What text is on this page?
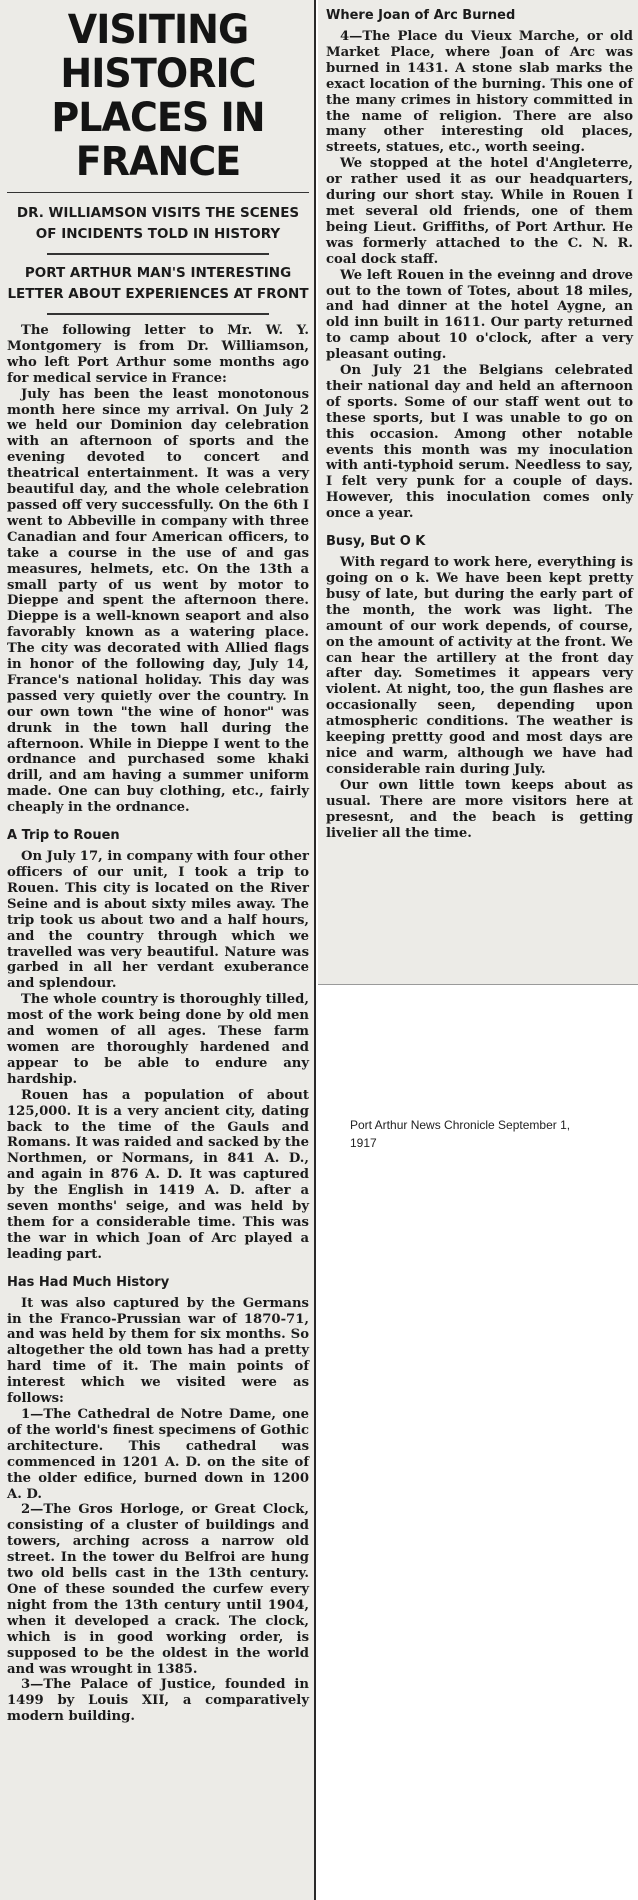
VISITING HISTORIC
PLACES IN FRANCE
DR. WILLIAMSON VISITS THE SCENES OF INCIDENTS TOLD IN HISTORY
PORT ARTHUR MAN'S INTERESTING LETTER ABOUT EXPERIENCES AT FRONT

The following letter to Mr. W. Y. Montgomery is from Dr. Williamson, who left Port Arthur some months ago for medical service in France:

July has been the least monotonous month here since my arrival. On July 2 we held our Dominion day celebration with an afternoon of sports and the evening devoted to concert and theatrical entertainment. It was a very beautiful day, and the whole celebration passed off very successfully. On the 6th I went to Abbeville in company with three Canadian and four American officers, to take a course in the use of and gas measures, helmets, etc. On the 13th a small party of us went by motor to Dieppe and spent the afternoon there. Dieppe is a well-known seaport and also favorably known as a watering place. The city was decorated with Allied flags in honor of the following day, July 14, France's national holiday. This day was passed very quietly over the country. In our own town "the wine of honor" was drunk in the town hall during the afternoon. While in Dieppe I went to the ordnance and purchased some khaki drill, and am having a summer uniform made. One can buy clothing, etc., fairly cheaply in the ordnance.

A Trip to Rouen

On July 17, in company with four other officers of our unit, I took a trip to Rouen. This city is located on the River Seine and is about sixty miles away. The trip took us about two and a half hours, and the country through which we travelled was very beautiful. Nature was garbed in all her verdant exuberance and splendour.

The whole country is thoroughly tilled, most of the work being done by old men and women of all ages. These farm women are thoroughly hardened and appear to be able to endure any hardship.

Rouen has a population of about 125,000. It is a very ancient city, dating back to the time of the Gauls and Romans. It was raided and sacked by the Northmen, or Normans, in 841 A. D., and again in 876 A. D. It was captured by the English in 1419 A. D. after a seven months' seige, and was held by them for a considerable time. This was the war in which Joan of Arc played a leading part.

Has Had Much History

It was also captured by the Germans in the Franco-Prussian war of 1870-71, and was held by them for six months. So altogether the old town has had a pretty hard time of it. The main points of interest which we visited were as follows:

1—The Cathedral de Notre Dame, one of the world's finest specimens of Gothic architecture. This cathedral was commenced in 1201 A. D. on the site of the older edifice, burned down in 1200 A. D.

2—The Gros Horloge, or Great Clock, consisting of a cluster of buildings and towers, arching across a narrow old street. In the tower du Belfroi are hung two old bells cast in the 13th century. One of these sounded the curfew every night from the 13th century until 1904, when it developed a crack. The clock, which is in good working order, is supposed to be the oldest in the world and was wrought in 1385.

3—The Palace of Justice, founded in 1499 by Louis XII, a comparatively modern building.

Where Joan of Arc Burned

4—The Place du Vieux Marche, or old Market Place, where Joan of Arc was burned in 1431. A stone slab marks the exact location of the burning. This one of the many crimes in history committed in the name of religion. There are also many other interesting old places, streets, statues, etc., worth seeing.

We stopped at the hotel d'Angleterre, or rather used it as our headquarters, during our short stay. While in Rouen I met several old friends, one of them being Lieut. Griffiths, of Port Arthur. He was formerly attached to the C. N. R. coal dock staff.

We left Rouen in the eveinng and drove out to the town of Totes, about 18 miles, and had dinner at the hotel Aygne, an old inn built in 1611. Our party returned to camp about 10 o'clock, after a very pleasant outing.

On July 21 the Belgians celebrated their national day and held an afternoon of sports. Some of our staff went out to these sports, but I was unable to go on this occasion. Among other notable events this month was my inoculation with anti-typhoid serum. Needless to say, I felt very punk for a couple of days. However, this inoculation comes only once a year.

Busy, But O K

With regard to work here, everything is going on o k. We have been kept pretty busy of late, but during the early part of the month, the work was light. The amount of our work depends, of course, on the amount of activity at the front. We can hear the artillery at the front day after day. Sometimes it appears very violent. At night, too, the gun flashes are occasionally seen, depending upon atmospheric conditions. The weather is keeping prettty good and most days are nice and warm, although we have had considerable rain during July.

Our own little town keeps about as usual. There are more visitors here at presesnt, and the beach is getting livelier all the time.

Port Arthur News Chronicle September 1, 1917
